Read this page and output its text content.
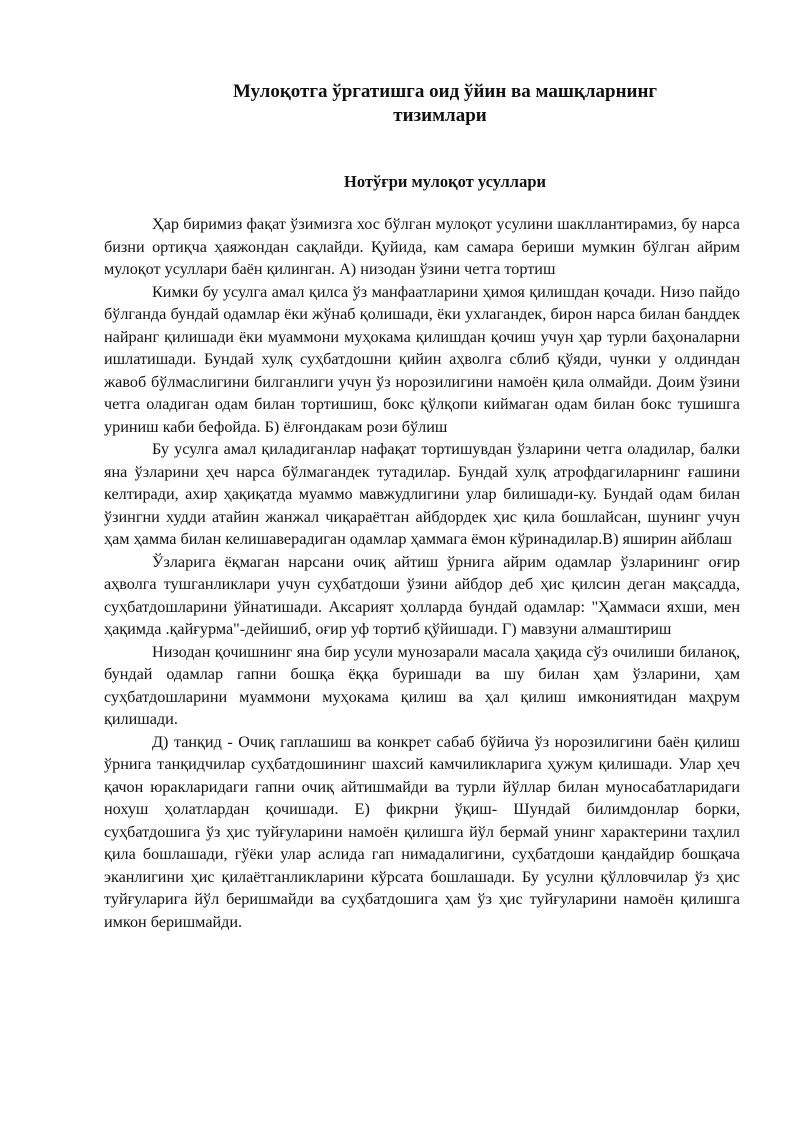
Мулоқотга ўргатишга оид ўйин ва машқларнинг
тизимлари
Нотўғри мулоқот усуллари

Ҳар биримиз фақат ўзимизга хос бўлган мулоқот усулини шакллантирамиз, бу нарса бизни ортиқча ҳаяжондан сақлайди. Қуйида, кам самара бериши мумкин бўлган айрим мулоқот усуллари баён қилинган. А) низодан ўзини четга тортиш

Кимки бу усулга амал қилса ўз манфаатларини ҳимоя қилишдан қочади. Низо пайдо бўлганда бундай одамлар ёки жўнаб қолишади, ёки ухлагандек, бирон нарса билан банддек найранг қилишади ёки муаммони муҳокама қилишдан қочиш учун ҳар турли баҳоналарни ишлатишади. Бундай хулқ суҳбатдошни қийин аҳволга сблиб қўяди, чунки у олдиндан жавоб бўлмаслигини билганлиги учун ўз норозилигини намоён қила олмайди. Доим ўзини четга оладиган одам билан тортишиш, бокс қўлқопи киймаган одам билан бокс тушишга уриниш каби бефойда. Б) ёлғондакам рози бўлиш

Бу усулга амал қиладиганлар нафақат тортишувдан ўзларини четга оладилар, балки яна ўзларини ҳеч нарса бўлмагандек тутадилар. Бундай хулқ атрофдагиларнинг ғашини келтиради, ахир ҳақиқатда муаммо мавжудлигини улар билишади-ку. Бундай одам билан ўзингни худди атайин жанжал чиқараётган айбдордек ҳис қила бошлайсан, шунинг учун ҳам ҳамма билан келишаверадиган одамлар ҳаммага ёмон кўринадилар.В) яширин айблаш

Ўзларига ёқмаган нарсани очиқ айтиш ўрнига айрим одамлар ўзларининг оғир аҳволга тушганликлари учун суҳбатдоши ўзини айбдор деб ҳис қилсин деган мақсадда, суҳбатдошларини ўйнатишади. Аксарият ҳолларда бундай одамлар: "Ҳаммаси яхши, мен ҳақимда .қайғурма"-дейишиб, оғир уф тортиб қўйишади. Г) мавзуни алмаштириш

Низодан қочишнинг яна бир усули мунозарали масала ҳақида сўз очилиши биланоқ, бундай одамлар гапни бошқа ёққа буришади ва шу билан ҳам ўзларини, ҳам суҳбатдошларини муаммони муҳокама қилиш ва ҳал қилиш имкониятидан маҳрум қилишади.

Д) танқид - Очиқ гаплашиш ва конкрет сабаб бўйича ўз норозилигини баён қилиш ўрнига танқидчилар суҳбатдошининг шахсий камчиликларига ҳужум қилишади. Улар ҳеч қачон юракларидаги гапни очиқ айтишмайди ва турли йўллар билан муносабатларидаги нохуш ҳолатлардан қочишади. Е) фикрни ўқиш- Шундай билимдонлар борки, суҳбатдошига ўз ҳис туйғуларини намоён қилишга йўл бермай унинг характерини таҳлил қила бошлашади, гўёки улар аслида гап нимадалигини, суҳбатдоши қандайдир бошқача эканлигини ҳис қилаётганликларини кўрсата бошлашади. Бу усулни қўлловчилар ўз ҳис туйғуларига йўл беришмайди ва суҳбатдошига ҳам ўз ҳис туйғуларини намоён қилишга имкон беришмайди.
